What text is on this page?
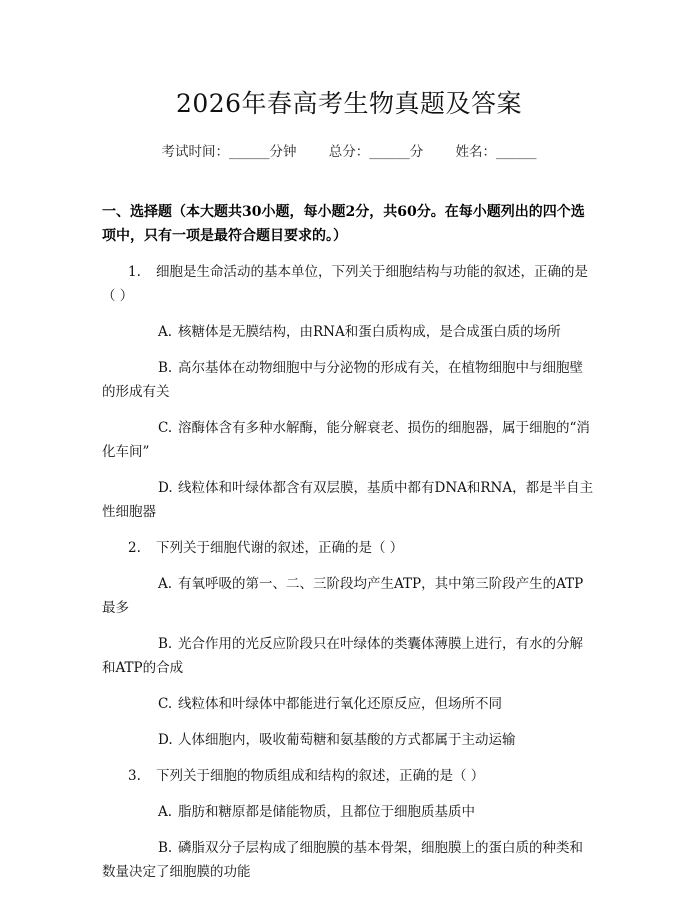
2026年春高考生物真题及答案
考试时间：______分钟 总分：______分 姓名：______
一、选择题（本大题共30小题，每小题2分，共60分。在每小题列出的四个选项中，只有一项是最符合题目要求的。）
1. 细胞是生命活动的基本单位，下列关于细胞结构与功能的叙述，正确的是（ ）
A. 核糖体是无膜结构，由RNA和蛋白质构成，是合成蛋白质的场所
B. 高尔基体在动物细胞中与分泌物的形成有关，在植物细胞中与细胞壁的形成有关
C. 溶酶体含有多种水解酶，能分解衰老、损伤的细胞器，属于细胞的“消化车间”
D. 线粒体和叶绿体都含有双层膜，基质中都有DNA和RNA，都是半自主性细胞器
2. 下列关于细胞代谢的叙述，正确的是（ ）
A. 有氧呼吸的第一、二、三阶段均产生ATP，其中第三阶段产生的ATP最多
B. 光合作用的光反应阶段只在叶绿体的类囊体薄膜上进行，有水的分解和ATP的合成
C. 线粒体和叶绿体中都能进行氧化还原反应，但场所不同
D. 人体细胞内，吸收葡萄糖和氨基酸的方式都属于主动运输
3. 下列关于细胞的物质组成和结构的叙述，正确的是（ ）
A. 脂肪和糖原都是储能物质，且都位于细胞质基质中
B. 磷脂双分子层构成了细胞膜的基本骨架，细胞膜上的蛋白质的种类和数量决定了细胞膜的功能
